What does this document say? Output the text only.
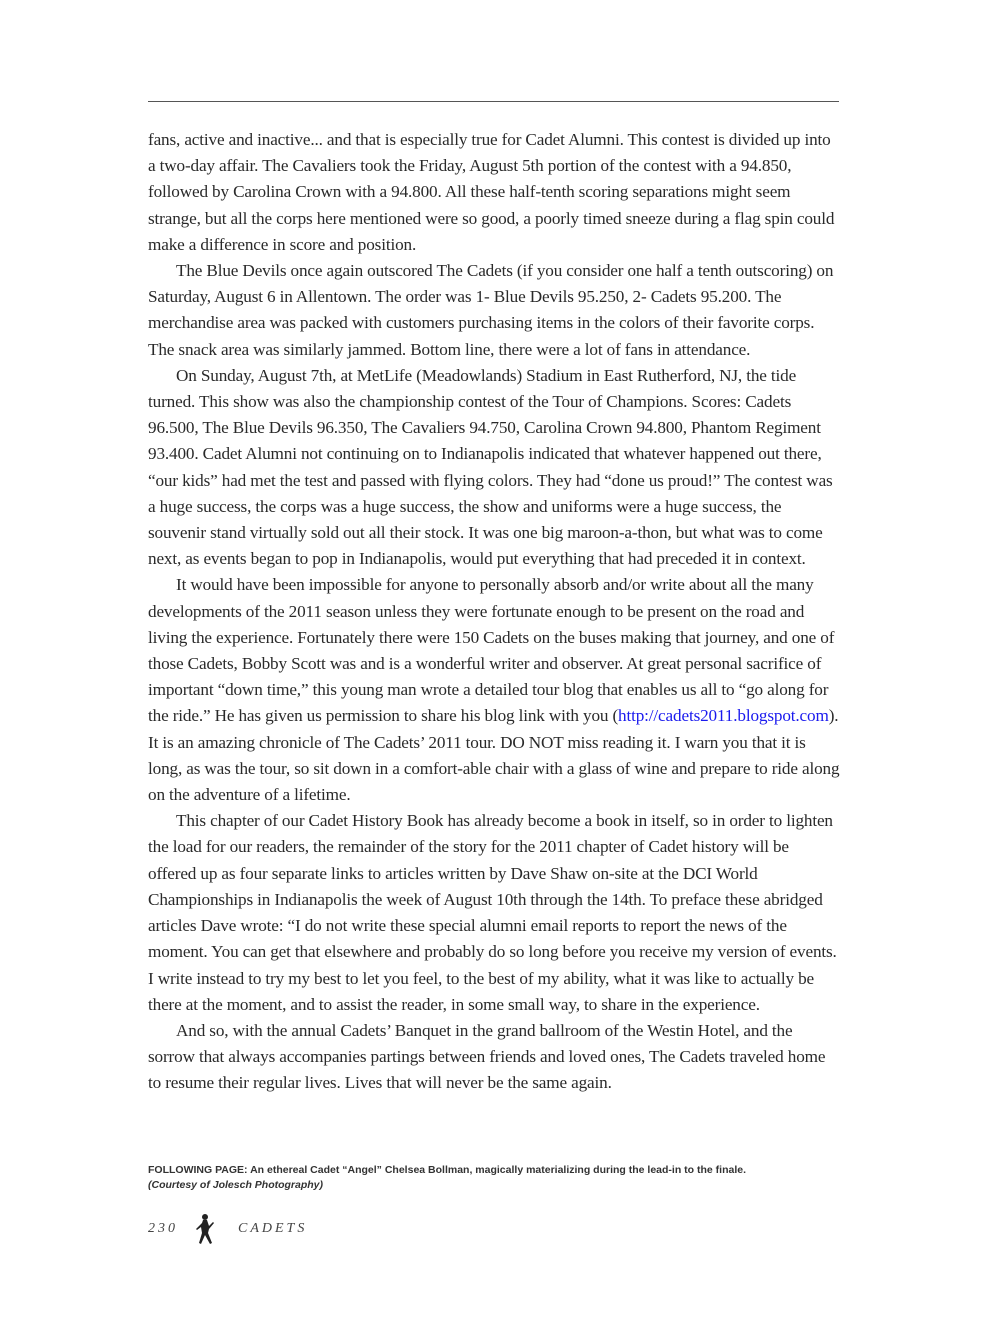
fans, active and inactive... and that is especially true for Cadet Alumni. This contest is divided up into a two-day affair. The Cavaliers took the Friday, August 5th portion of the contest with a 94.850, followed by Carolina Crown with a 94.800. All these half-tenth scoring separations might seem strange, but all the corps here mentioned were so good, a poorly timed sneeze during a flag spin could make a difference in score and position.

The Blue Devils once again outscored The Cadets (if you consider one half a tenth outscoring) on Saturday, August 6 in Allentown. The order was 1- Blue Devils 95.250, 2- Cadets 95.200. The merchandise area was packed with customers purchasing items in the colors of their favorite corps. The snack area was similarly jammed. Bottom line, there were a lot of fans in attendance.

On Sunday, August 7th, at MetLife (Meadowlands) Stadium in East Rutherford, NJ, the tide turned. This show was also the championship contest of the Tour of Champions. Scores: Cadets 96.500, The Blue Devils 96.350, The Cavaliers 94.750, Carolina Crown 94.800, Phantom Regiment 93.400. Cadet Alumni not continuing on to Indianapolis indicated that whatever happened out there, “our kids” had met the test and passed with flying colors. They had “done us proud!” The contest was a huge success, the corps was a huge success, the show and uniforms were a huge success, the souvenir stand virtually sold out all their stock. It was one big maroon-a-thon, but what was to come next, as events began to pop in Indianapolis, would put everything that had preceded it in context.

It would have been impossible for anyone to personally absorb and/or write about all the many developments of the 2011 season unless they were fortunate enough to be present on the road and living the experience. Fortunately there were 150 Cadets on the buses making that journey, and one of those Cadets, Bobby Scott was and is a wonderful writer and observer. At great personal sacrifice of important “down time,” this young man wrote a detailed tour blog that enables us all to “go along for the ride.” He has given us permission to share his blog link with you (http://cadets2011.blogspot.com). It is an amazing chronicle of The Cadets’ 2011 tour. DO NOT miss reading it. I warn you that it is long, as was the tour, so sit down in a comfort-able chair with a glass of wine and prepare to ride along on the adventure of a lifetime.

This chapter of our Cadet History Book has already become a book in itself, so in order to lighten the load for our readers, the remainder of the story for the 2011 chapter of Cadet history will be offered up as four separate links to articles written by Dave Shaw on-site at the DCI World Championships in Indianapolis the week of August 10th through the 14th. To preface these abridged articles Dave wrote: “I do not write these special alumni email reports to report the news of the moment. You can get that elsewhere and probably do so long before you receive my version of events. I write instead to try my best to let you feel, to the best of my ability, what it was like to actually be there at the moment, and to assist the reader, in some small way, to share in the experience.

And so, with the annual Cadets’ Banquet in the grand ballroom of the Westin Hotel, and the sorrow that always accompanies partings between friends and loved ones, The Cadets traveled home to resume their regular lives. Lives that will never be the same again.

FOLLOWING PAGE: An ethereal Cadet “Angel” Chelsea Bollman, magically materializing during the lead-in to the finale.
(Courtesy of Jolesch Photography)
230	CADETS
